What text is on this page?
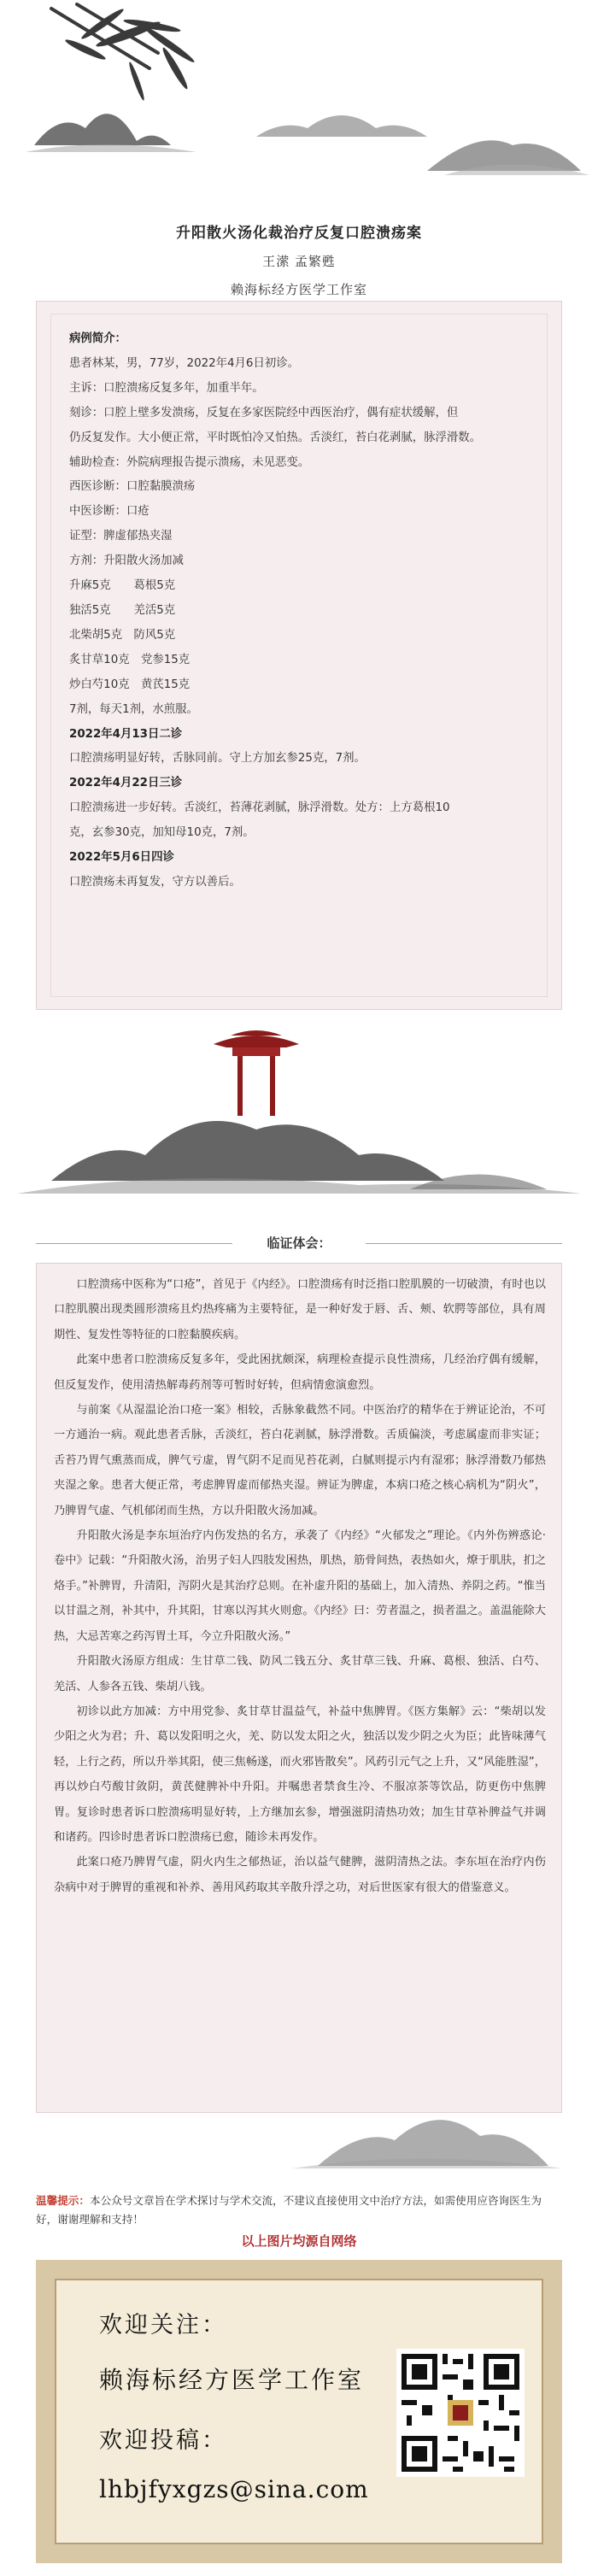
升阳散火汤化裁治疗反复口腔溃疡案
王潆 孟繁甦
赖海标经方医学工作室

病例简介：

患者林某，男，77岁，2022年4月6日初诊。

主诉：口腔溃疡反复多年，加重半年。

刻诊：口腔上壁多发溃疡，反复在多家医院经中西医治疗，偶有症状缓解，但

仍反复发作。大小便正常，平时既怕冷又怕热。舌淡红，苔白花剥腻，脉浮滑数。

辅助检查：外院病理报告提示溃疡，未见恶变。

西医诊断：口腔黏膜溃疡

中医诊断：口疮

证型：脾虚郁热夹湿

方剂：升阳散火汤加减

升麻5克　　葛根5克

独活5克　　羌活5克

北柴胡5克　防风5克

炙甘草10克　党参15克

炒白芍10克　黄芪15克

7剂，每天1剂，水煎服。

2022年4月13日二诊

口腔溃疡明显好转，舌脉同前。守上方加玄参25克，7剂。

2022年4月22日三诊

口腔溃疡进一步好转。舌淡红，苔薄花剥腻，脉浮滑数。处方：上方葛根10

克，玄参30克，加知母10克，7剂。

2022年5月6日四诊

口腔溃疡未再复发，守方以善后。

临证体会：

口腔溃疡中医称为“口疮”，首见于《内经》。口腔溃疡有时泛指口腔肌膜的一切破溃，有时也以口腔肌膜出现类圆形溃疡且灼热疼痛为主要特征，是一种好发于唇、舌、颊、软腭等部位，具有周期性、复发性等特征的口腔黏膜疾病。

此案中患者口腔溃疡反复多年，受此困扰颇深，病理检查提示良性溃疡，几经治疗偶有缓解，但反复发作，使用清热解毒药剂等可暂时好转，但病情愈演愈烈。

与前案《从湿温论治口疮一案》相较，舌脉象截然不同。中医治疗的精华在于辨证论治，不可一方通治一病。观此患者舌脉，舌淡红，苔白花剥腻，脉浮滑数。舌质偏淡，考虑属虚而非实证；舌苔乃胃气熏蒸而成，脾气亏虚，胃气阴不足而见苔花剥，白腻则提示内有湿邪；脉浮滑数乃郁热夹湿之象。患者大便正常，考虑脾胃虚而郁热夹湿。辨证为脾虚，本病口疮之核心病机为“阴火”，乃脾胃气虚、气机郁闭而生热，方以升阳散火汤加减。

升阳散火汤是李东垣治疗内伤发热的名方，承袭了《内经》“火郁发之”理论。《内外伤辨惑论·卷中》记载：“升阳散火汤，治男子妇人四肢发困热，肌热，筋骨间热，表热如火，燎于肌肤，扪之烙手。”补脾胃，升清阳，泻阴火是其治疗总则。在补虚升阳的基础上，加入清热、养阴之药。“惟当以甘温之剂，补其中，升其阳，甘寒以泻其火则愈。《内经》曰：劳者温之，损者温之。盖温能除大热，大忌苦寒之药泻胃土耳，今立升阳散火汤。”

升阳散火汤原方组成：生甘草二钱、防风二钱五分、炙甘草三钱、升麻、葛根、独活、白芍、羌活、人参各五钱、柴胡八钱。

初诊以此方加减：方中用党参、炙甘草甘温益气，补益中焦脾胃。《医方集解》云：“柴胡以发少阳之火为君；升、葛以发阳明之火，羌、防以发太阳之火，独活以发少阴之火为臣；此皆味薄气轻，上行之药，所以升举其阳，使三焦畅遂，而火邪皆散矣”。风药引元气之上升，又“风能胜湿”，再以炒白芍酸甘敛阴，黄芪健脾补中升阳。并嘱患者禁食生冷、不服凉茶等饮品，防更伤中焦脾胃。复诊时患者诉口腔溃疡明显好转，上方继加玄参，增强滋阴清热功效；加生甘草补脾益气并调和诸药。四诊时患者诉口腔溃疡已愈，随诊未再发作。

此案口疮乃脾胃气虚，阴火内生之郁热证，治以益气健脾，滋阴清热之法。李东垣在治疗内伤杂病中对于脾胃的重视和补养、善用风药取其辛散升浮之功，对后世医家有很大的借鉴意义。

温馨提示：本公众号文章旨在学术探讨与学术交流，不建议直接使用文中治疗方法，如需使用应咨询医生为好，谢谢理解和支持！
以上图片均源自网络
欢迎关注：
赖海标经方医学工作室
欢迎投稿：
lhbjfyxgzs@sina.com
